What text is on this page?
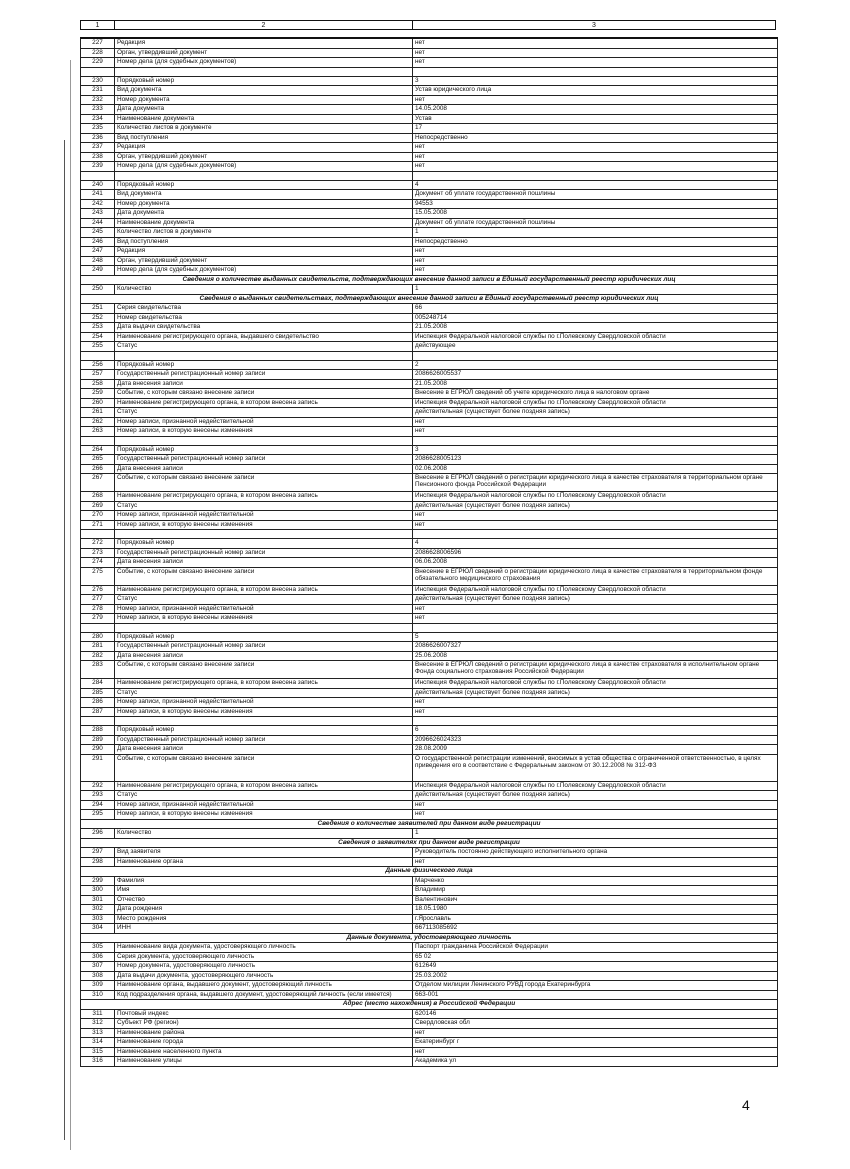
1	2	3
227	Редакция	нет
228	Орган, утвердивший документ	нет
229	Номер дела (для судебных документов)	нет

230	Порядковый номер	3
231	Вид документа	Устав юридического лица
232	Номер документа	нет
233	Дата документа	14.05.2008
234	Наименование документа	Устав
235	Количество листов в документе	17
236	Вид поступления	Непосредственно
237	Редакция	нет
238	Орган, утвердивший документ	нет
239	Номер дела (для судебных документов)	нет

240	Порядковый номер	4
241	Вид документа	Документ об уплате государственной пошлины
242	Номер документа	94553
243	Дата документа	15.05.2008
244	Наименование документа	Документ об уплате государственной пошлины
245	Количество листов в документе	1
246	Вид поступления	Непосредственно
247	Редакция	нет
248	Орган, утвердивший документ	нет
249	Номер дела (для судебных документов)	нет
Сведения о количестве выданных свидетельств, подтверждающих внесение данной записи в Единый государственный реестр юридических лиц		
250	Количество	1
Сведения о выданных свидетельствах, подтверждающих внесение данной записи в Единый государственный реестр юридических лиц		
251	Серия свидетельства	66
252	Номер свидетельства	005248714
253	Дата выдачи свидетельства	21.05.2008
254	Наименование регистрирующего органа, выдавшего свидетельство	Инспекция Федеральной налоговой службы по г.Полевскому Свердловской области
255	Статус	действующее

256	Порядковый номер	2
257	Государственный регистрационный номер записи	2086626005537
258	Дата внесения записи	21.05.2008
259	Событие, с которым связано внесение записи	Внесение в ЕГРЮЛ сведений об учете юридического лица в налоговом органе
260	Наименование регистрирующего органа, в котором внесена запись	Инспекция Федеральной налоговой службы по г.Полевскому Свердловской области
261	Статус	действительная (существует более поздняя запись)
262	Номер записи, признанной недействительной	нет
263	Номер записи, в которую внесены изменения	нет

264	Порядковый номер	3
265	Государственный регистрационный номер записи	2086628005123
266	Дата внесения записи	02.06.2008
267	Событие, с которым связано внесение записи	Внесение в ЕГРЮЛ сведений о регистрации юридического лица в качестве страхователя в территориальном органе Пенсионного фонда Российской Федерации
268	Наименование регистрирующего органа, в котором внесена запись	Инспекция Федеральной налоговой службы по г.Полевскому Свердловской области
269	Статус	действительная (существует более поздняя запись)
270	Номер записи, признанной недействительной	нет
271	Номер записи, в которую внесены изменения	нет

272	Порядковый номер	4
273	Государственный регистрационный номер записи	2086628006596
274	Дата внесения записи	06.06.2008
275	Событие, с которым связано внесение записи	Внесение в ЕГРЮЛ сведений о регистрации юридического лица в качестве страхователя в территориальном фонде обязательного медицинского страхования
276	Наименование регистрирующего органа, в котором внесена запись	Инспекция Федеральной налоговой службы по г.Полевскому Свердловской области
277	Статус	действительная (существует более поздняя запись)
278	Номер записи, признанной недействительной	нет
279	Номер записи, в которую внесены изменения	нет

280	Порядковый номер	5
281	Государственный регистрационный номер записи	2086626007327
282	Дата внесения записи	25.06.2008
283	Событие, с которым связано внесение записи	Внесение в ЕГРЮЛ сведений о регистрации юридического лица в качестве страхователя в исполнительном органе Фонда социального страхования Российской Федерации
284	Наименование регистрирующего органа, в котором внесена запись	Инспекция Федеральной налоговой службы по г.Полевскому Свердловской области
285	Статус	действительная (существует более поздняя запись)
286	Номер записи, признанной недействительной	нет
287	Номер записи, в которую внесены изменения	нет

288	Порядковый номер	6
289	Государственный регистрационный номер записи	2096626024323
290	Дата внесения записи	28.08.2009
291	Событие, с которым связано внесение записи	О государственной регистрации изменений, вносимых в устав общества с ограниченной ответственностью, в целях приведения его в соответствие с Федеральным законом от 30.12.2008 № 312-ФЗ
292	Наименование регистрирующего органа, в котором внесена запись	Инспекция Федеральной налоговой службы по г.Полевскому Свердловской области
293	Статус	действительная (существует более поздняя запись)
294	Номер записи, признанной недействительной	нет
295	Номер записи, в которую внесены изменения	нет
Сведения о количестве заявителей при данном виде регистрации		
296	Количество	1
Сведения о заявителях при данном виде регистрации		
297	Вид заявителя	Руководитель постоянно действующего исполнительного органа
298	Наименование органа	нет
Данные физического лица		
299	Фамилия	Марченко
300	Имя	Владимир
301	Отчество	Валентинович
302	Дата рождения	18.05.1980
303	Место рождения	г.Ярославль
304	ИНН	667113085692
Данные документа, удостоверяющего личность		
305	Наименование вида документа, удостоверяющего личность	Паспорт гражданина Российской Федерации
306	Серия документа, удостоверяющего личность	65 02
307	Номер документа, удостоверяющего личность	612649
308	Дата выдачи документа, удостоверяющего личность	25.03.2002
309	Наименование органа, выдавшего документ, удостоверяющий личность	Отделом милиции Ленинского РУВД города Екатеринбурга
310	Код подразделения органа, выдавшего документ, удостоверяющий личность (если имеется)	663-001
Адрес (место нахождения) в Российской Федерации		
311	Почтовый индекс	620146
312	Субъект РФ (регион)	Свердловская обл
313	Наименование района	нет
314	Наименование города	Екатеринбург г
315	Наименование населенного пункта	нет
316	Наименование улицы	Академика ул
4
